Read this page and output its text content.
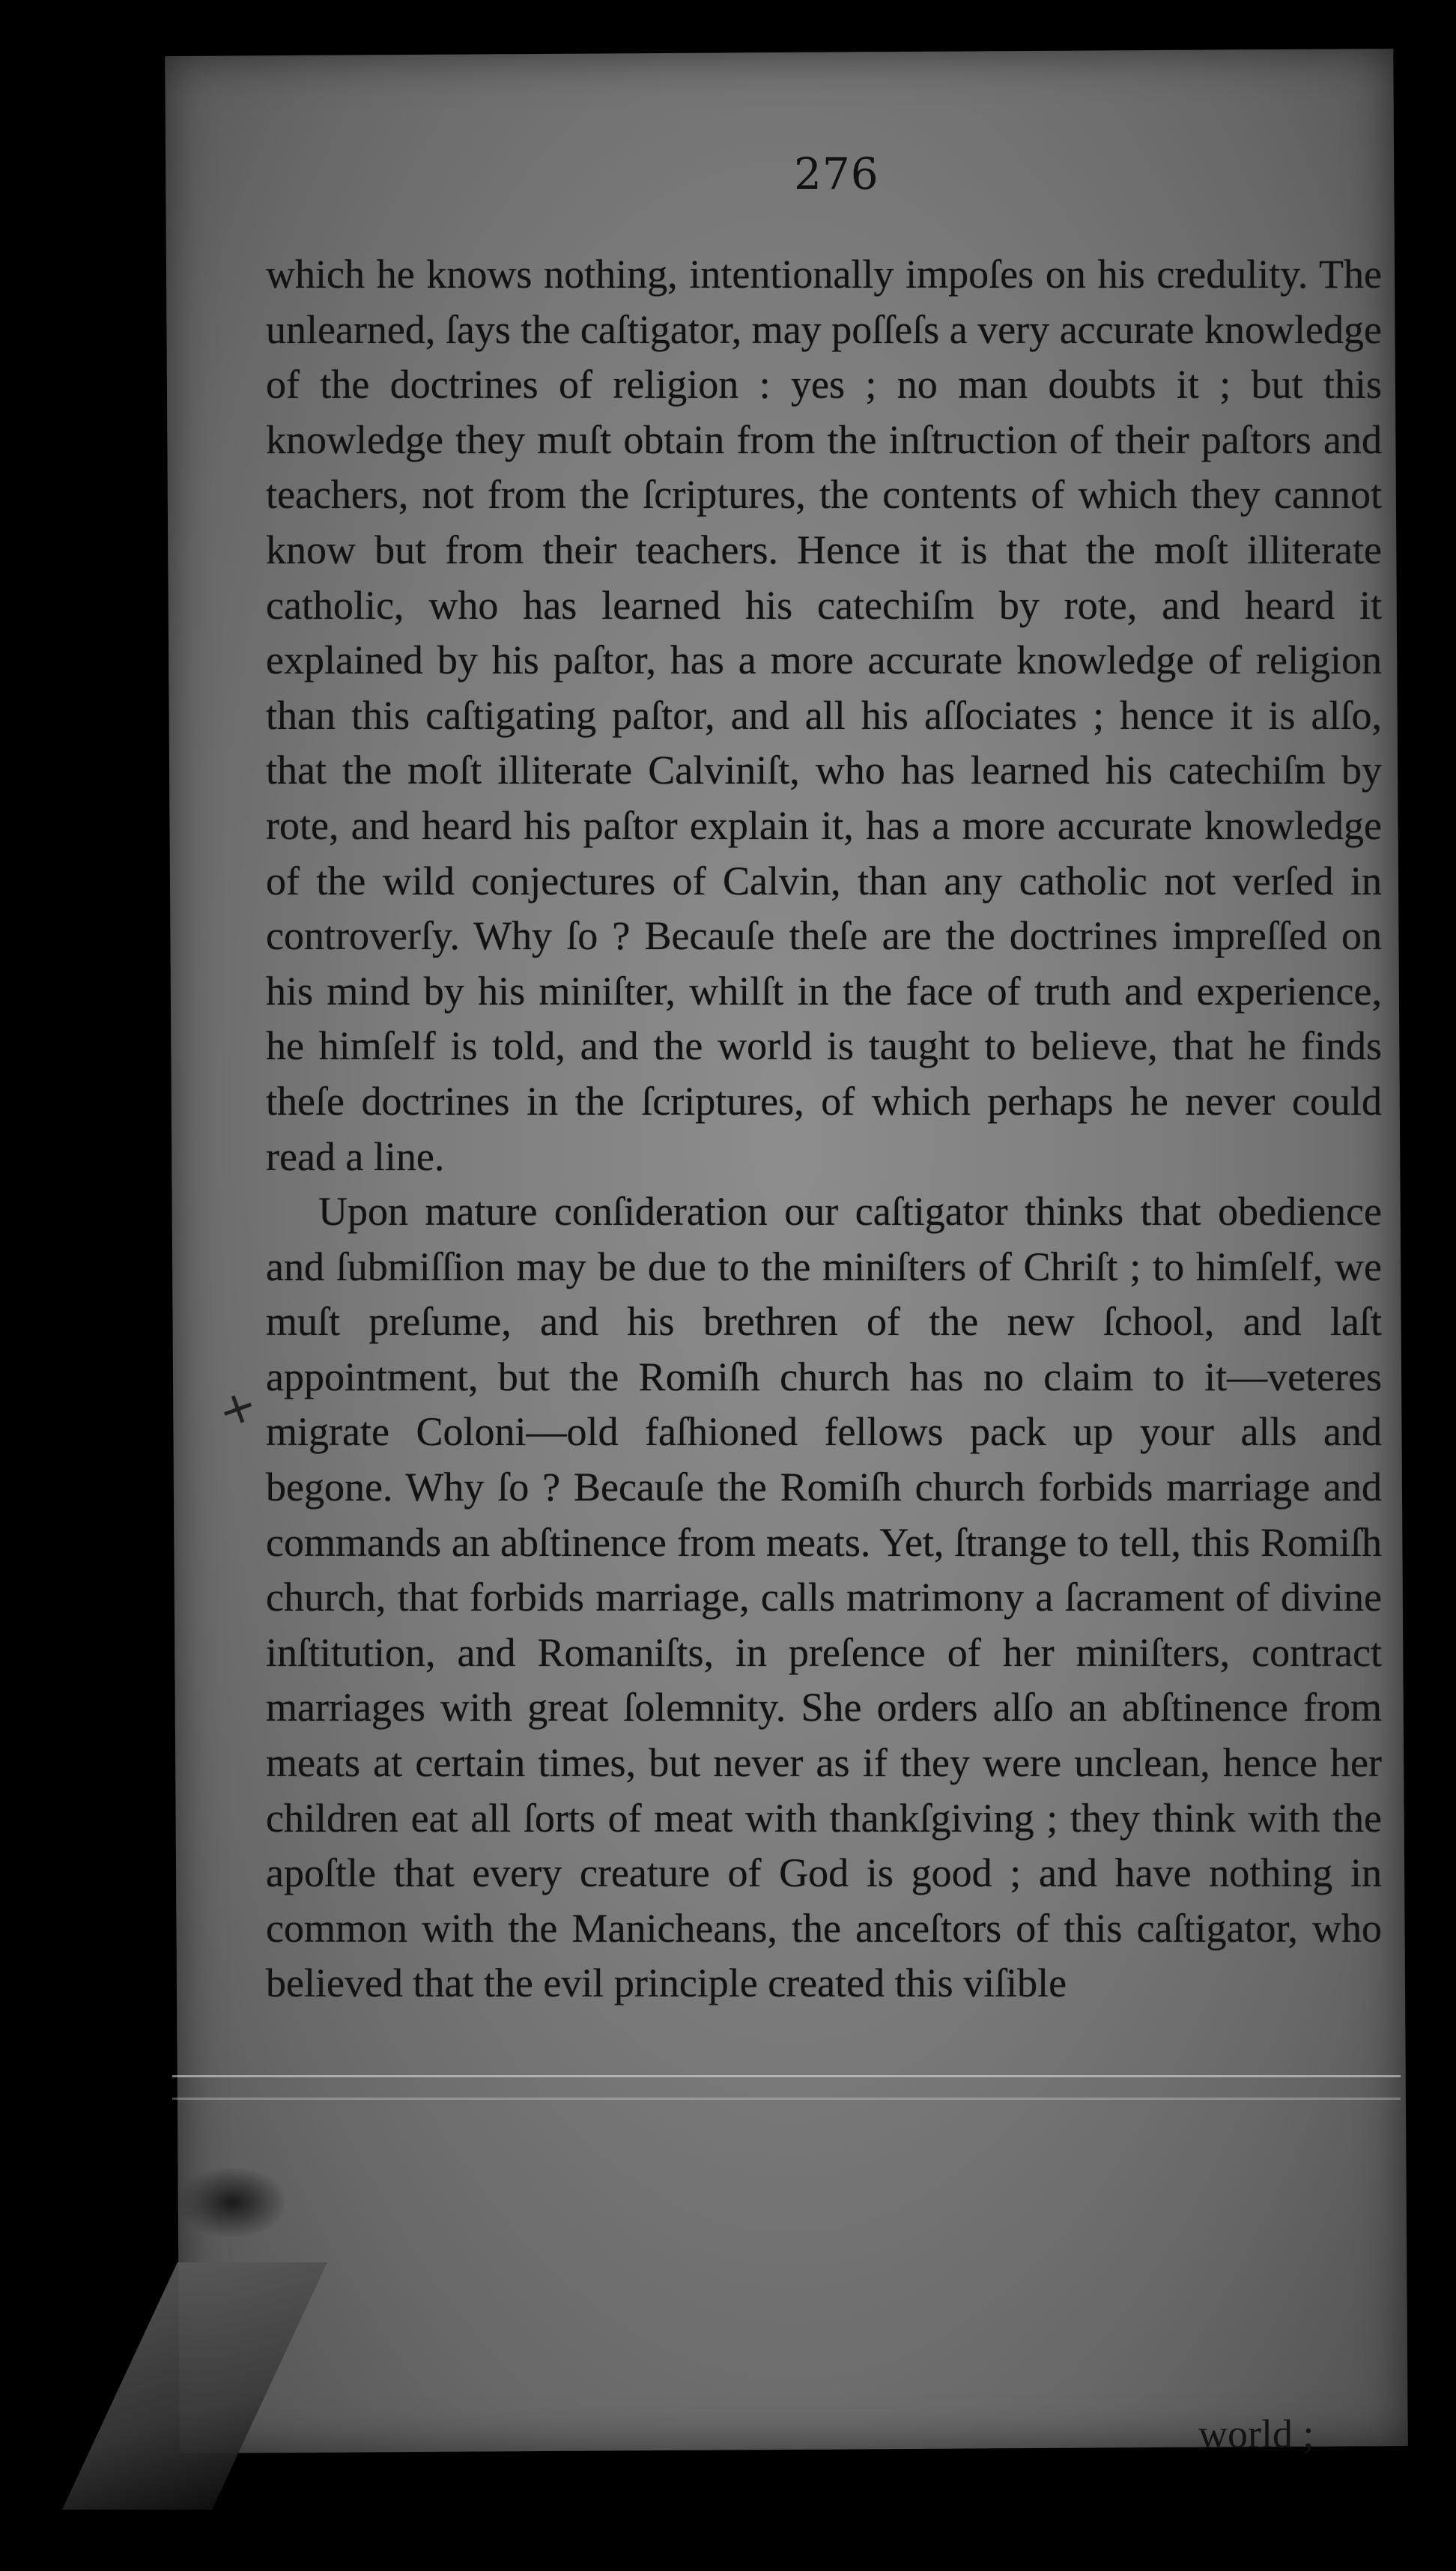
276
+

which he knows nothing, intentionally impoſes on his credulity. The unlearned, ſays the caſtigator, may poſſeſs a very accurate knowledge of the doctrines of religion : yes ; no man doubts it ; but this knowledge they muſt obtain from the inſtruction of their paſtors and teachers, not from the ſcriptures, the contents of which they cannot know but from their teachers. Hence it is that the moſt illiterate catholic, who has learned his catechiſm by rote, and heard it explained by his paſtor, has a more accurate knowledge of religion than this caſtigating paſtor, and all his aſſociates ; hence it is alſo, that the moſt illiterate Calviniſt, who has learned his catechiſm by rote, and heard his paſtor explain it, has a more accurate knowledge of the wild conjectures of Calvin, than any catholic not verſed in controverſy. Why ſo ? Becauſe theſe are the doctrines impreſſed on his mind by his miniſter, whilſt in the face of truth and experience, he himſelf is told, and the world is taught to believe, that he finds theſe doctrines in the ſcriptures, of which perhaps he never could read a line.

Upon mature conſideration our caſtigator thinks that obedience and ſubmiſſion may be due to the miniſters of Chriſt ; to himſelf, we muſt preſume, and his brethren of the new ſchool, and laſt appointment, but the Romiſh church has no claim to it—veteres migrate Coloni—old faſhioned fellows pack up your alls and begone. Why ſo ? Becauſe the Romiſh church forbids marriage and commands an abſtinence from meats. Yet, ſtrange to tell, this Romiſh church, that forbids marriage, calls matrimony a ſacrament of divine inſtitution, and Romaniſts, in preſence of her miniſters, contract marriages with great ſolemnity. She orders alſo an abſtinence from meats at certain times, but never as if they were unclean, hence her children eat all ſorts of meat with thankſgiving ; they think with the apoſtle that every creature of God is good ; and have nothing in common with the Manicheans, the anceſtors of this caſtigator, who believed that the evil principle created this viſible

world ;
